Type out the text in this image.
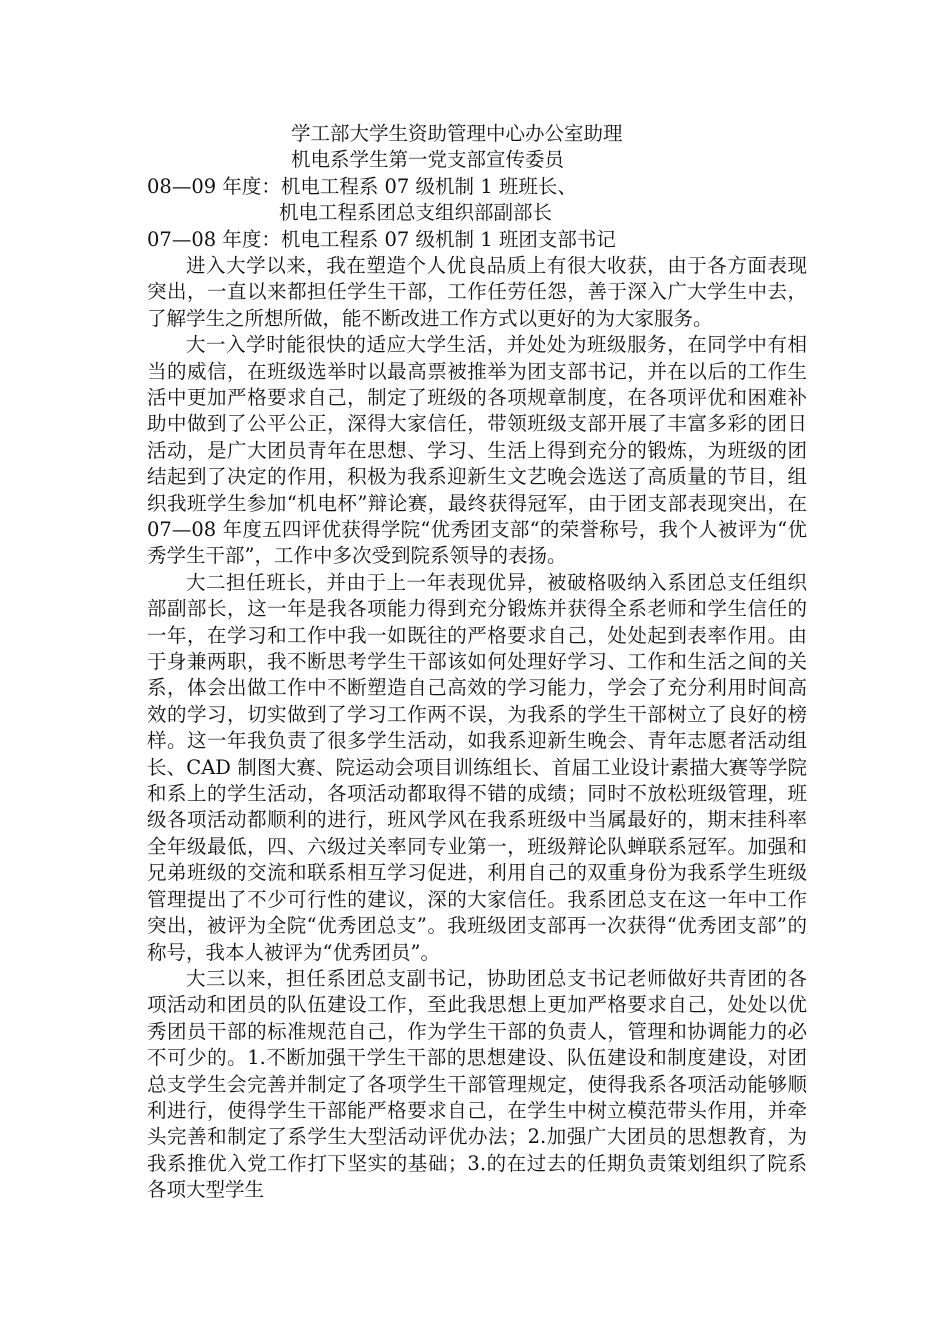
学工部大学生资助管理中心办公室助理
机电系学生第一党支部宣传委员
08—09 年度：机电工程系 07 级机制 1 班班长、
机电工程系团总支组织部副部长
07—08 年度：机电工程系 07 级机制 1 班团支部书记

进入大学以来，我在塑造个人优良品质上有很大收获，由于各方面表现突出，一直以来都担任学生干部，工作任劳任怨，善于深入广大学生中去，了解学生之所想所做，能不断改进工作方式以更好的为大家服务。

大一入学时能很快的适应大学生活，并处处为班级服务，在同学中有相当的威信，在班级选举时以最高票被推举为团支部书记，并在以后的工作生活中更加严格要求自己，制定了班级的各项规章制度，在各项评优和困难补助中做到了公平公正，深得大家信任，带领班级支部开展了丰富多彩的团日活动，是广大团员青年在思想、学习、生活上得到充分的锻炼，为班级的团结起到了决定的作用，积极为我系迎新生文艺晚会选送了高质量的节目，组织我班学生参加“机电杯”辩论赛，最终获得冠军，由于团支部表现突出，在 07—08 年度五四评优获得学院“优秀团支部“的荣誉称号，我个人被评为“优秀学生干部”，工作中多次受到院系领导的表扬。

大二担任班长，并由于上一年表现优异，被破格吸纳入系团总支任组织部副部长，这一年是我各项能力得到充分锻炼并获得全系老师和学生信任的一年，在学习和工作中我一如既往的严格要求自己，处处起到表率作用。由于身兼两职，我不断思考学生干部该如何处理好学习、工作和生活之间的关系，体会出做工作中不断塑造自己高效的学习能力，学会了充分利用时间高效的学习，切实做到了学习工作两不误，为我系的学生干部树立了良好的榜样。这一年我负责了很多学生活动，如我系迎新生晚会、青年志愿者活动组长、CAD 制图大赛、院运动会项目训练组长、首届工业设计素描大赛等学院和系上的学生活动，各项活动都取得不错的成绩；同时不放松班级管理，班级各项活动都顺利的进行，班风学风在我系班级中当属最好的，期末挂科率全年级最低，四、六级过关率同专业第一，班级辩论队蝉联系冠军。加强和兄弟班级的交流和联系相互学习促进，利用自己的双重身份为我系学生班级管理提出了不少可行性的建议，深的大家信任。我系团总支在这一年中工作突出，被评为全院“优秀团总支”。我班级团支部再一次获得“优秀团支部”的称号，我本人被评为“优秀团员”。

大三以来，担任系团总支副书记，协助团总支书记老师做好共青团的各项活动和团员的队伍建设工作，至此我思想上更加严格要求自己，处处以优秀团员干部的标准规范自己，作为学生干部的负责人，管理和协调能力的必不可少的。1.不断加强干学生干部的思想建设、队伍建设和制度建设，对团总支学生会完善并制定了各项学生干部管理规定，使得我系各项活动能够顺利进行，使得学生干部能严格要求自己，在学生中树立模范带头作用，并牵头完善和制定了系学生大型活动评优办法；2.加强广大团员的思想教育，为我系推优入党工作打下坚实的基础；3.的在过去的任期负责策划组织了院系各项大型学生
